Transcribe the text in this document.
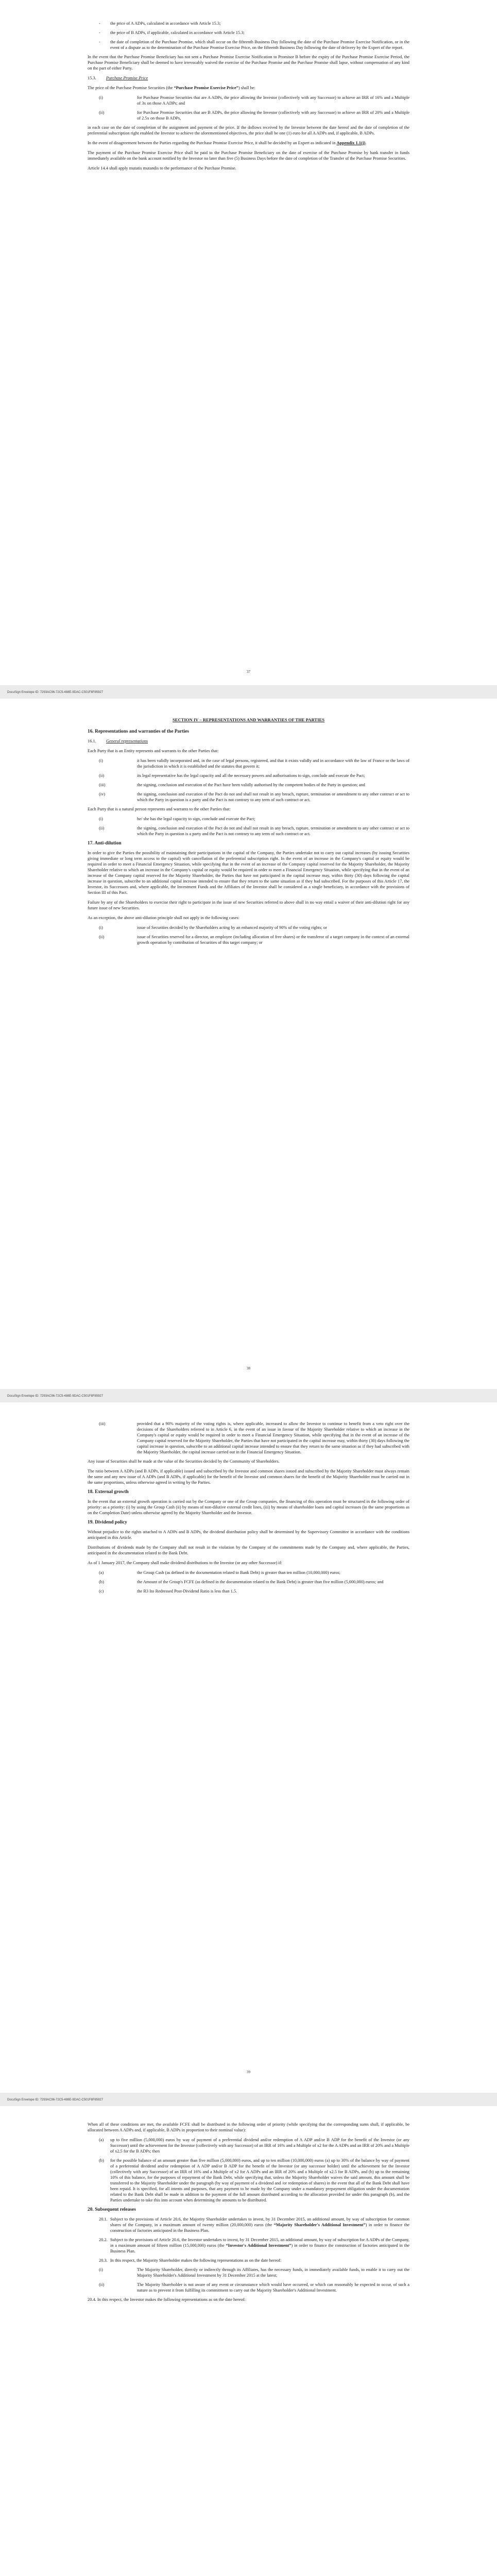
- the price of A ADPs, calculated in accordance with Article 15.3;
- the price of B ADPs, if applicable, calculated in accordance with Article 15.3;
- the date of completion of the Purchase Promise, which shall occur on the fifteenth Business Day following the date of the Purchase Promise Exercise Notification, or in the event of a dispute as to the determination of the Purchase Promise Exercise Price, on the fifteenth Business Day following the date of delivery by the Expert of the report.

In the event that the Purchase Promise Beneficiary has not sent a Purchase Promise Exercise Notification to Promisor B before the expiry of the Purchase Promise Exercise Period, the Purchase Promise Beneficiary shall be deemed to have irrevocably waived the exercise of the Purchase Promise and the Purchase Promise shall lapse, without compensation of any kind on the part of either Party.

15.3. Purchase Promise Price

The price of the Purchase Promise Securities (the “Purchase Promise Exercise Price”) shall be:

(i)	for Purchase Promise Securities that are A ADPs, the price allowing the Investor (collectively with any Successor) to achieve an IRR of 16% and a Multiple of 3x on those A ADPs; and
(ii)	for Purchase Promise Securities that are B ADPs, the price allowing the Investor (collectively with any Successor) to achieve an IRR of 20% and a Multiple of 2.5x on those B ADPs,

in each case on the date of completion of the assignment and payment of the price. If the dollows received by the Investor between the date hereof and the date of completion of the preferential subscription right enabled the Investor to achieve the aforementioned objectives, the price shall be one (1) euro for all A ADPs and, if applicable, B ADPs.

In the event of disagreement between the Parties regarding the Purchase Promise Exercise Price, it shall be decided by an Expert as indicated in Appendix 1.1(j).

The payment of the Purchase Promise Exercise Price shall be paid to the Purchase Promise Beneficiary on the date of exercise of the Purchase Promise by bank transfer in funds immediately available on the bank account notified by the Investor no later than five (5) Business Days before the date of completion of the Transfer of the Purchase Promise Securities.

Article 14.4 shall apply mutatis mutandis to the performance of the Purchase Promise.

37
DocuSign Envelope ID: 7293AC96-72C5-488E-9DAC-C501F8F85927
SECTION IV – REPRESENTATIONS AND WARRANTIES OF THE PARTIES
16. Representations and warranties of the Parties
16.1. General representations

Each Party that is an Entity represents and warrants to the other Parties that:

(i)	it has been validly incorporated and, in the case of legal persons, registered, and that it exists validly and in accordance with the law of France or the laws of the jurisdiction in which it is established and the statutes that govern it;
(ii)	its legal representative has the legal capacity and all the necessary powers and authorisations to sign, conclude and execute the Pact;
(iii)	the signing, conclusion and execution of the Pact have been validly authorised by the competent bodies of the Party in question; and
(iv)	the signing, conclusion and execution of the Pact do not and shall not result in any breach, rupture, termination or amendment to any other contract or act to which the Party in question is a party and the Pact is not contrary to any term of such contract or act.

Each Party that is a natural person represents and warrants to the other Parties that:

(i)	he/ she has the legal capacity to sign, conclude and execute the Pact;
(ii)	the signing, conclusion and execution of the Pact do not and shall not result in any breach, rupture, termination or amendment to any other contract or act to which the Party in question is a party and the Pact is not contrary to any term of such contract or act.
17. Anti-dilution

In order to give the Parties the possibility of maintaining their participations in the capital of the Company, the Parties undertake not to carry out capital increases (by issuing Securities giving immediate or long term access to the capital) with cancellation of the preferential subscription right. In the event of an increase in the Company's capital or equity would be required in order to meet a Financial Emergency Situation, while specifying that in the event of an increase of the Company capital reserved for the Majority Shareholder, the Majority Shareholder relative to which an increase in the Company's capital or equity would be required in order to meet a Financial Emergency Situation, while specifying that in the event of an increase of the Company capital reserved for the Majority Shareholder, the Parties that have not participated in the capital increase may, within thirty (30) days following the capital increase in question, subscribe to an additional capital increase intended to ensure that they return to the same situation as if they had subscribed. For the purposes of this Article 17, the Investor, its Successors and, where applicable, the Investment Funds and the Affiliates of the Investor shall be considered as a single beneficiary, in accordance with the provisions of Section III of this Pact.

Failure by any of the Shareholders to exercise their right to participate in the issue of new Securities referred to above shall in no way entail a waiver of their anti-dilution right for any future issue of new Securities.

As an exception, the above anti-dilution principle shall not apply in the following cases:

(i)	issue of Securities decided by the Shareholders acting by an enhanced majority of 90% of the voting rights; or
(ii)	issue of Securities reserved for a director, an employee (including allocation of free shares) or the transferor of a target company in the context of an external growth operation by contribution of Securities of this target company; or
38
DocuSign Envelope ID: 7293AC96-72C5-488E-9DAC-C501F8F85927
(iii)	provided that a 90% majority of the voting rights is, where applicable, increased to allow the Investor to continue to benefit from a veto right over the decisions of the Shareholders referred to in Article 6, in the event of an issue in favour of the Majority Shareholder relative to which an increase in the Company's capital or equity would be required in order to meet a Financial Emergency Situation, while specifying that in the event of an increase of the Company capital reserved for the Majority Shareholder, the Parties that have not participated in the capital increase may, within thirty (30) days following the capital increase in question, subscribe to an additional capital increase intended to ensure that they return to the same situation as if they had subscribed with the Majority Shareholder, the capital increase carried out in the Financial Emergency Situation.

Any issue of Securities shall be made at the value of the Securities decided by the Community of Shareholders.

The ratio between A ADPs (and B ADPs, if applicable) issued and subscribed by the Investor and common shares issued and subscribed by the Majority Shareholder must always remain the same and any new issue of A ADPs (and B ADPs, if applicable) for the benefit of the Investor and common shares for the benefit of the Majority Shareholder must be carried out in the same proportions, unless otherwise agreed in writing by the Parties.

18. External growth

In the event that an external growth operation is carried out by the Company or one of the Group companies, the financing of this operation must be structured in the following order of priority: as a priority: (i) by using the Group Cash (ii) by means of non-dilutive external credit lines, (iii) by means of shareholder loans and capital increases (in the same proportions as on the Completion Date) unless otherwise agreed by the Majority Shareholder and the Investor.

19. Dividend policy

Without prejudice to the rights attached to A ADPs and B ADPs, the dividend distribution policy shall be determined by the Supervisory Committee in accordance with the conditions anticipated in this Article.

Distributions of dividends made by the Company shall not result in the violation by the Company of the commitments made by the Company and, where applicable, the Parties, anticipated in the documentation related to the Bank Debt.

As of 1 January 2017, the Company shall make dividend distributions to the Investor (or any other Successor) if:

(a)	the Group Cash (as defined in the documentation related to Bank Debt) is greater than ten million (10,000,000) euros;
(b)	the Amount of the Group's FCFE (as defined in the documentation related to the Bank Debt) is greater than five million (5,000,000) euros; and
(c)	the R3 Ito Redressed Post-Dividend Ratio is less than 1.5.
39
DocuSign Envelope ID: 7293AC96-72C5-488E-9DAC-C501F8F85927

When all of these conditions are met, the available FCFE shall be distributed in the following order of priority (while specifying that the corresponding sums shall, if applicable, be allocated between A ADPs and, if applicable, B ADPs in proportion to their nominal value):

(a) up to five million (5,000,000) euros by way of payment of a preferential dividend and/or redemption of A ADP and/or B ADP for the benefit of the Investor (or any Successor) until the achievement for the Investor (collectively with any Successor) of an IRR of 16% and a Multiple of x2 for the A ADPs and an IRR of 20% and a Multiple of x2.5 for the B ADPs; then
(b) for the possible balance of an amount greater than five million (5,000,000) euros, and up to ten million (10,000,000) euros (a) up to 30% of the balance by way of payment of a preferential dividend and/or redemption of A ADP and/or B ADP for the benefit of the Investor (or any successor holder) until the achievement for the Investor (collectively with any Successor) of an IRR of 16% and a Multiple of x2 for A ADPs and an IRR of 20% and a Multiple of x2.5 for B ADPs, and (b) up to the remaining 10% of this balance, for the purposes of repayment of the Bank Debt, while specifying that, unless the Majority Shareholder waives the said amount, this amount shall be transferred to the Majority Shareholder under the paragraph (by way of payment of a dividend and /or redemption of shares) in the event that all of the Bank Debt shall have been repaid. It is specified, for all intents and purposes, that any payment to be made by the Company under a mandatory prepayment obligation under the documentation related to the Bank Debt shall be made in addition to the payment of the full amount distributed according to the allocation provided for under this paragraph (b), and the Parties undertake to take this into account when determining the amounts to be distributed.
20. Subsequent releases
20.1. Subject to the provisions of Article 20.6, the Majority Shareholder undertakes to invest, by 31 December 2015, an additional amount, by way of subscription for common shares of the Company, in a maximum amount of twenty million (20,000,000) euros (the “Majority Shareholder's Additional Investment”) in order to finance the construction of factories anticipated in the Business Plan.
20.2. Subject to the provisions of Article 20.6, the Investor undertakes to invest, by 31 December 2015, an additional amount, by way of subscription for A ADPs of the Company, in a maximum amount of fifteen million (15,000,000) euros (the “Investor's Additional Investment”) in order to finance the construction of factories anticipated in the Business Plan.
20.3. In this respect, the Majority Shareholder makes the following representations as on the date hereof:
(i)	The Majority Shareholder, directly or indirectly through its Affiliates, has the necessary funds, in immediately available funds, to enable it to carry out the Majority Shareholder's Additional Investment by 31 December 2015 at the latest;
(ii)	The Majority Shareholder is not aware of any event or circumstance which would have occurred, or which can reasonably be expected to occur, of such a nature as to prevent it from fulfilling its commitment to carry out the Majority Shareholder's Additional Investment.

20.4. In this respect, the Investor makes the following representations as on the date hereof:
